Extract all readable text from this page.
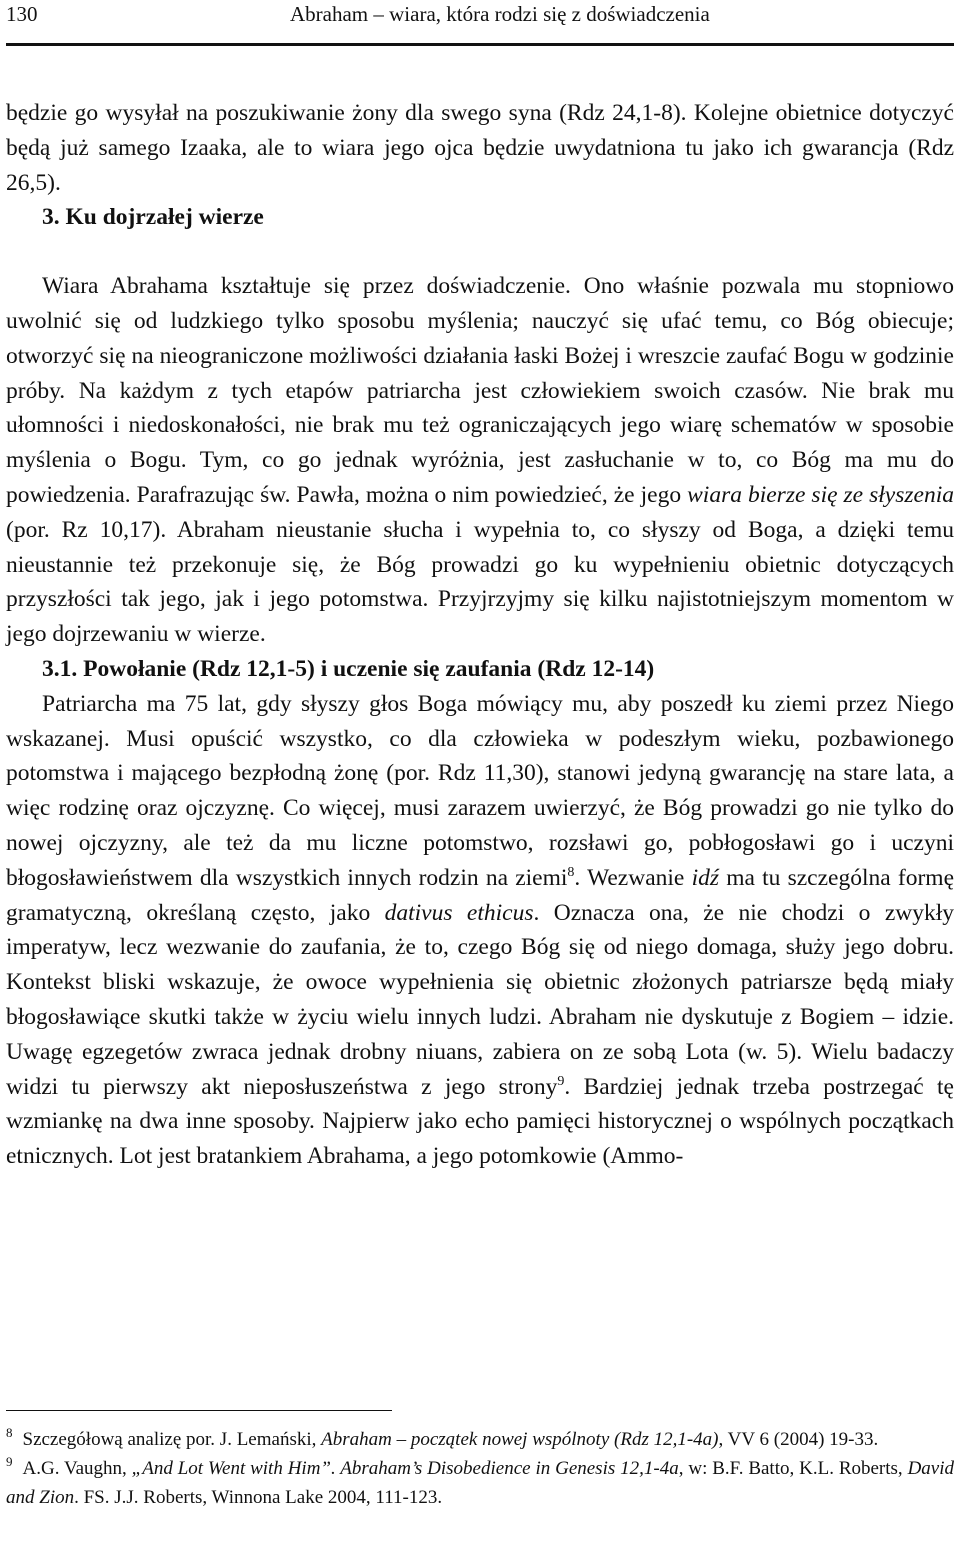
130	Abraham – wiara, która rodzi się z doświadczenia

będzie go wysyłał na poszukiwanie żony dla swego syna (Rdz 24,1-8). Kolejne obietnice dotyczyć będą już samego Izaaka, ale to wiara jego ojca będzie uwydatniona tu jako ich gwarancja (Rdz 26,5).

3. Ku dojrzałej wierze

Wiara Abrahama kształtuje się przez doświadczenie. Ono właśnie pozwala mu stopniowo uwolnić się od ludzkiego tylko sposobu myślenia; nauczyć się ufać temu, co Bóg obiecuje; otworzyć się na nieograniczone możliwości działania łaski Bożej i wreszcie zaufać Bogu w godzinie próby. Na każdym z tych etapów patriarcha jest człowiekiem swoich czasów. Nie brak mu ułomności i niedoskonałości, nie brak mu też ograniczających jego wiarę schematów w sposobie myślenia o Bogu. Tym, co go jednak wyróżnia, jest zasłuchanie w to, co Bóg ma mu do powiedzenia. Parafrazując św. Pawła, można o nim powiedzieć, że jego wiara bierze się ze słyszenia (por. Rz 10,17). Abraham nieustanie słucha i wypełnia to, co słyszy od Boga, a dzięki temu nieustannie też przekonuje się, że Bóg prowadzi go ku wypełnieniu obietnic dotyczących przyszłości tak jego, jak i jego potomstwa. Przyjrzyjmy się kilku najistotniejszym momentom w jego dojrzewaniu w wierze.

3.1. Powołanie (Rdz 12,1-5) i uczenie się zaufania (Rdz 12-14)

Patriarcha ma 75 lat, gdy słyszy głos Boga mówiący mu, aby poszedł ku ziemi przez Niego wskazanej. Musi opuścić wszystko, co dla człowieka w podeszłym wieku, pozbawionego potomstwa i mającego bezpłodną żonę (por. Rdz 11,30), stanowi jedyną gwarancję na stare lata, a więc rodzinę oraz ojczyznę. Co więcej, musi zarazem uwierzyć, że Bóg prowadzi go nie tylko do nowej ojczyzny, ale też da mu liczne potomstwo, rozsławi go, pobłogosławi go i uczyni błogosławieństwem dla wszystkich innych rodzin na ziemi$^8$. Wezwanie idź ma tu szczególna formę gramatyczną, określaną często, jako dativus ethicus. Oznacza ona, że nie chodzi o zwykły imperatyw, lecz wezwanie do zaufania, że to, czego Bóg się od niego domaga, służy jego dobru. Kontekst bliski wskazuje, że owoce wypełnienia się obietnic złożonych patriarsze będą miały błogosławiące skutki także w życiu wielu innych ludzi. Abraham nie dyskutuje z Bogiem – idzie. Uwagę egzegetów zwraca jednak drobny niuans, zabiera on ze sobą Lota (w. 5). Wielu badaczy widzi tu pierwszy akt nieposłuszeństwa z jego strony$^9$. Bardziej jednak trzeba postrzegać tę wzmiankę na dwa inne sposoby. Najpierw jako echo pamięci historycznej o wspólnych początkach etnicznych. Lot jest bratankiem Abrahama, a jego potomkowie (Ammo-

$^8$ Szczegółową analizę por. J. Lemański, Abraham – początek nowej wspólnoty (Rdz 12,1-4a), VV 6 (2004) 19-33.

$^9$ A.G. Vaughn, „And Lot Went with Him”. Abraham’s Disobedience in Genesis 12,1-4a, w: B.F. Batto, K.L. Roberts, David and Zion. FS. J.J. Roberts, Winnona Lake 2004, 111-123.
